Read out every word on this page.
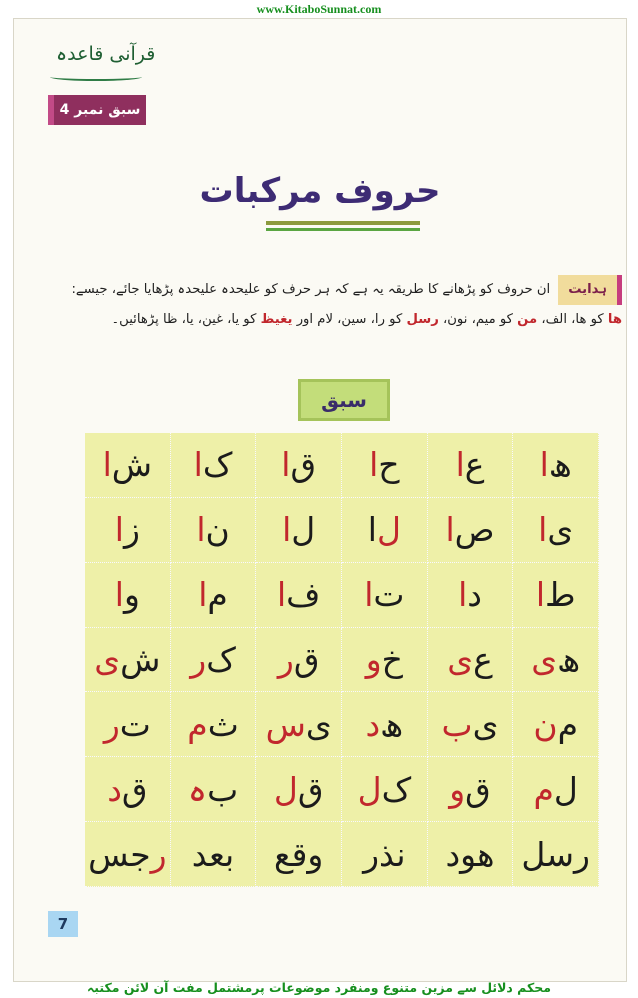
www.KitaboSunnat.com
قرآنی قاعدہ
سبق نمبر 4
حروف مرکبات
ہدایتان حروف کو پڑھانے کا طریقہ یہ ہے کہ ہر حرف کو علیحدہ علیحدہ پڑھایا جائے، جیسے: ھا کو ھا، الف، من کو میم، نون، رسل کو را، سین، لام اور یغیظ کو یا، غین، یا، ظا پڑھائیں۔
سبق
ھ
ا
ع
ا
ح
ا
ق
ا
ک
ا
ش
ا
ی
ا
ص
ا
ل
ا
ل
ا
ن
ا
ز
ا
ط
ا
د
ا
ت
ا
ف
ا
م
ا
و
ا
ھ
ی
ع
ی
خ
و
ق
ر
ک
ر
ش
ی
م
ن
ی
ب
ھ
د
ی
س
ث
م
ت
ر
ل
م
ق
و
ک
ل
ق
ل
ب
ہ
ق
د
رسل
ھود
نذر
وقع
بعد
ر
جس
7
محکم دلائل سے مزین متنوع ومنفرد موضوعات پرمشتمل مفت آن لائن مکتبہ
